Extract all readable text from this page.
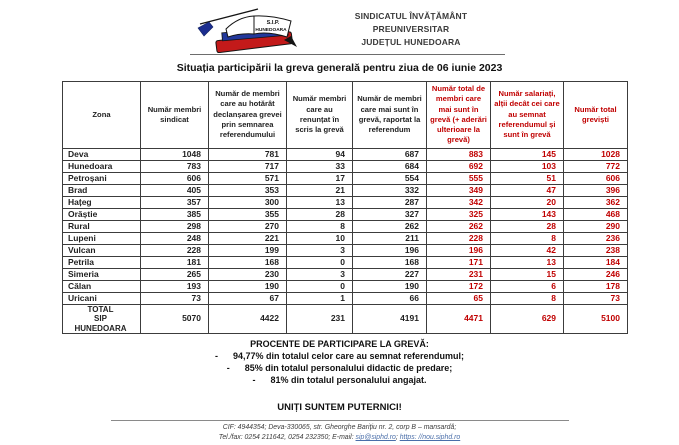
S.I.P.
HUNEDOARA
SINDICATUL ÎNVĂȚĂMÂNT PREUNIVERSITAR
JUDEȚUL HUNEDOARA
Situația participării la greva generală pentru ziua de 06 iunie 2023
Zona	Număr membri sindicat	Număr de membri care au hotărât declanșarea grevei prin semnarea referendumului	Număr membri care au renunțat în scris la grevă	Număr de membri care mai sunt în grevă, raportat la referendum	Număr total de membri care mai sunt în grevă (+ aderări ulterioare la grevă)	Număr salariați, alții decât cei care au semnat referendumul și sunt în grevă	Număr total greviști
Deva	1048	781	94	687	883	145	1028
Hunedoara	783	717	33	684	692	103	772
Petroșani	606	571	17	554	555	51	606
Brad	405	353	21	332	349	47	396
Hațeg	357	300	13	287	342	20	362
Orăștie	385	355	28	327	325	143	468
Rural	298	270	8	262	262	28	290
Lupeni	248	221	10	211	228	8	236
Vulcan	228	199	3	196	196	42	238
Petrila	181	168	0	168	171	13	184
Simeria	265	230	3	227	231	15	246
Călan	193	190	0	190	172	6	178
Uricani	73	67	1	66	65	8	73

TOTAL
SIP HUNEDOARA	5070	4422	231	4191	4471	629	5100
PROCENTE DE PARTICIPARE LA GREVĂ:
- 94,77% din totalul celor care au semnat referendumul;
- 85% din totalul personalului didactic de predare;
- 81% din totalul personalului angajat.
UNIȚI SUNTEM PUTERNICI!
CIF: 4944354; Deva-330065, str. Gheorghe Barițiu nr. 2, corp B – mansardă;
Tel./fax: 0254 211642, 0254 232350; E-mail: sip@siphd.ro; https: //nou.siphd.ro
